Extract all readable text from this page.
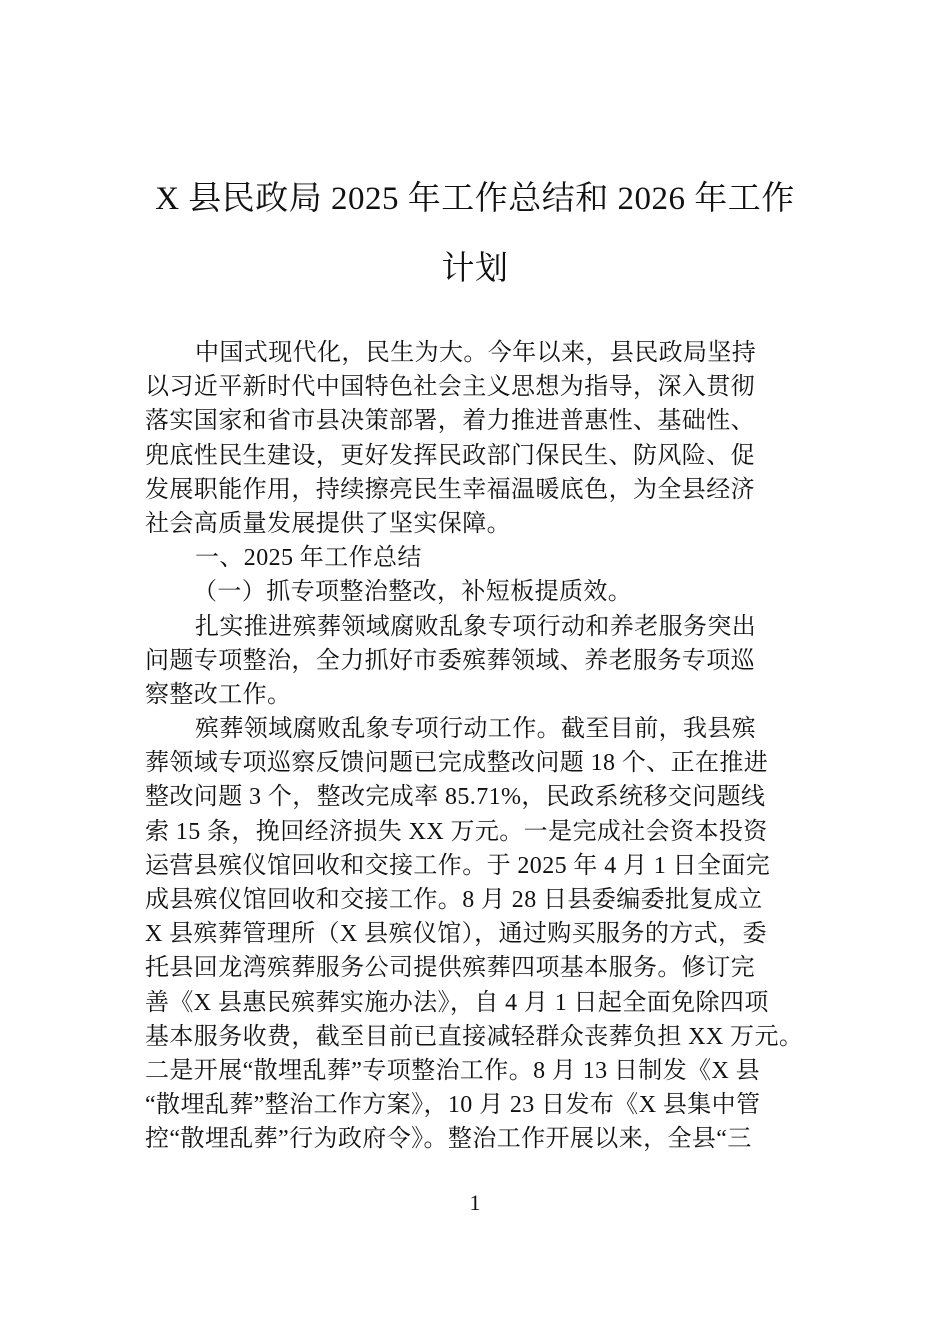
X 县民政局 2025 年工作总结和 2026 年工作
计划
中国式现代化，民生为大。今年以来，县民政局坚持
以习近平新时代中国特色社会主义思想为指导，深入贯彻
落实国家和省市县决策部署，着力推进普惠性、基础性、
兜底性民生建设，更好发挥民政部门保民生、防风险、促
发展职能作用，持续擦亮民生幸福温暖底色，为全县经济
社会高质量发展提供了坚实保障。
一、2025 年工作总结
（一）抓专项整治整改，补短板提质效。
扎实推进殡葬领域腐败乱象专项行动和养老服务突出
问题专项整治，全力抓好市委殡葬领域、养老服务专项巡
察整改工作。
殡葬领域腐败乱象专项行动工作。截至目前，我县殡
葬领域专项巡察反馈问题已完成整改问题 18 个、正在推进
整改问题 3 个，整改完成率 85.71%，民政系统移交问题线
索 15 条，挽回经济损失 XX 万元。一是完成社会资本投资
运营县殡仪馆回收和交接工作。于 2025 年 4 月 1 日全面完
成县殡仪馆回收和交接工作。8 月 28 日县委编委批复成立
X 县殡葬管理所（X 县殡仪馆），通过购买服务的方式，委
托县回龙湾殡葬服务公司提供殡葬四项基本服务。修订完
善《X 县惠民殡葬实施办法》，自 4 月 1 日起全面免除四项
基本服务收费，截至目前已直接减轻群众丧葬负担 XX 万元。
二是开展“散埋乱葬”专项整治工作。8 月 13 日制发《X 县
“散埋乱葬”整治工作方案》，10 月 23 日发布《X 县集中管
控“散埋乱葬”行为政府令》。整治工作开展以来，全县“三
1
